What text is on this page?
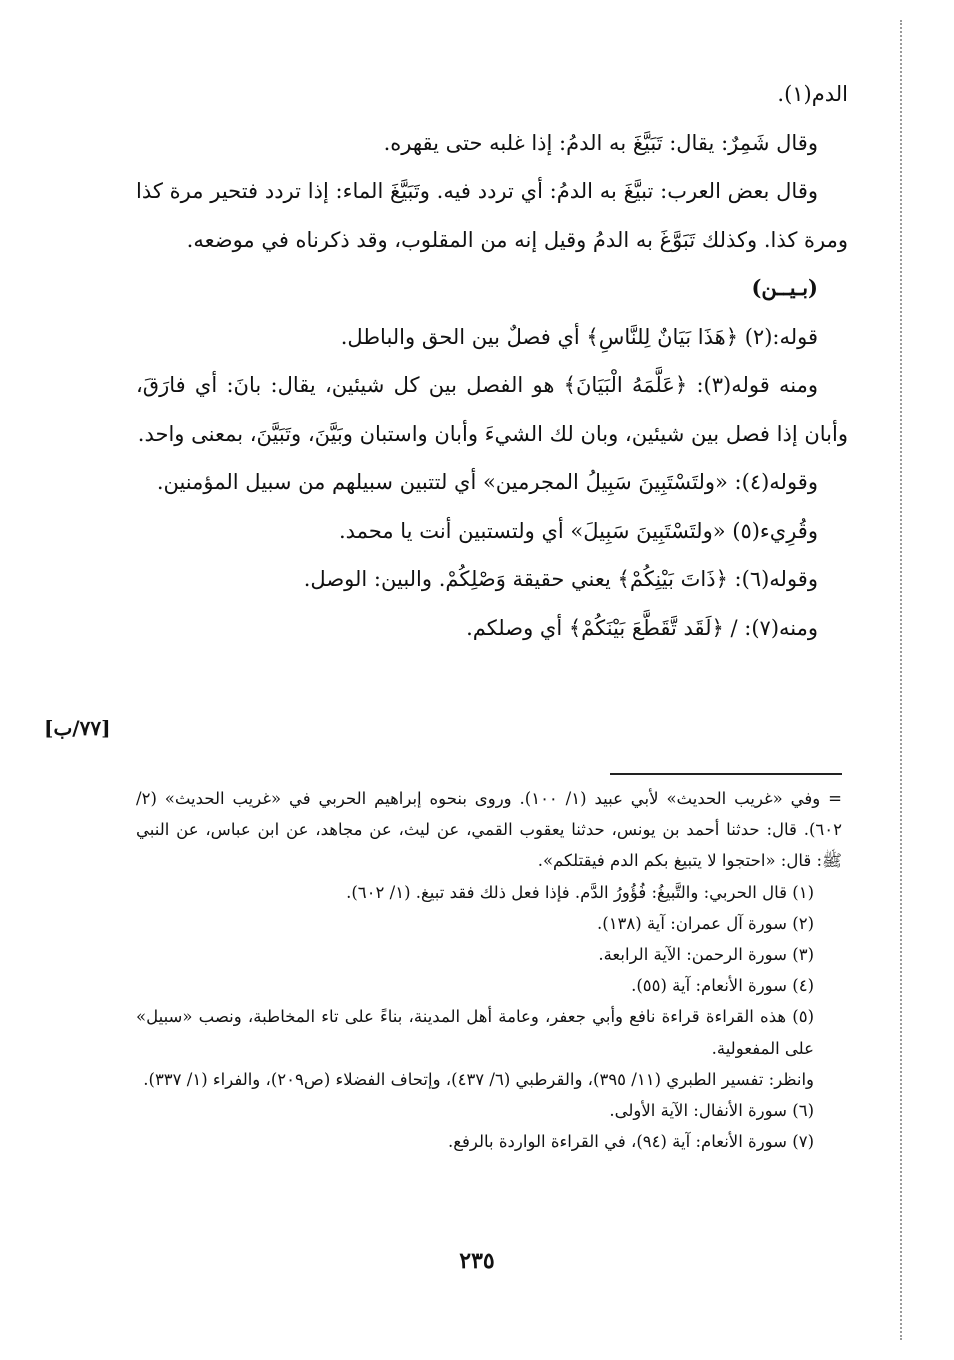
الدم(١).

وقال شَمِرٌ: يقال: تَبَيَّغَ به الدمُ: إذا غلبه حتى يقهره.

وقال بعض العرب: تبيَّغَ به الدمُ: أي تردد فيه. وتَبَيَّغَ الماء: إذا تردد فتحير مرة كذا ومرة كذا. وكذلك تَبَوَّغَ به الدمُ وقيل إنه من المقلوب، وقد ذكرناه في موضعه.

(بـيــن)

قوله:(٢) ﴿هَذَا بَيَانٌ لِلنَّاسِ﴾ أي فصلٌ بين الحق والباطل.

ومنه قوله(٣): ﴿عَلَّمَهُ الْبَيَانَ﴾ هو الفصل بين كل شيئين، يقال: بانَ: أي فارَقَ، وأبان إذا فصل بين شيئين، وبان لك الشيءَ وأبان واستبان وبَيَّنَ، وتَبَيَّنَ، بمعنى واحد.

وقوله(٤): «ولتَسْتَبِينَ سَبِيلُ المجرمين» أي لتتبين سبيلهم من سبيل المؤمنين.

وقُرِيء(٥) «ولتَسْتَبِينَ سَبِيلَ» أي ولتستبين أنت يا محمد.

وقوله(٦): ﴿ذَاتَ بَيْنِكُمْ﴾ يعني حقيقة وَصْلِكُمْ. والبين: الوصل.

ومنه(٧): / ﴿لَقَد تَّقَطَّعَ بَيْنَكُمْ﴾ أي وصلكم.

[٧٧/ب]

= وفي «غريب الحديث» لأبي عبيد (١/ ١٠٠). وروى بنحوه إبراهيم الحربي في «غريب الحديث» (٢/ ٦٠٢). قال: حدثنا أحمد بن يونس، حدثنا يعقوب القمي، عن ليث، عن مجاهد، عن ابن عباس، عن النبي ﷺ: قال: «احتجوا لا يتبيغ بكم الدم فيقتلكم».

(١) قال الحربي: والتَّبيغُ: فُؤُورُ الدَّم. فإذا فعل ذلك فقد تبيغ. (١/ ٦٠٢).

(٢) سورة آل عمران: آية (١٣٨).

(٣) سورة الرحمن: الآية الرابعة.

(٤) سورة الأنعام: آية (٥٥).

(٥) هذه القراءة قراءة نافع وأبي جعفر، وعامة أهل المدينة، بناءً على تاء المخاطبة، ونصب «سبيل» على المفعولية.

وانظر: تفسير الطبري (١١/ ٣٩٥)، والقرطبي (٦/ ٤٣٧)، وإتحاف الفضلاء (ص٢٠٩)، والفراء (١/ ٣٣٧).

(٦) سورة الأنفال: الآية الأولى.

(٧) سورة الأنعام: آية (٩٤)، في القراءة الواردة بالرفع.

٢٣٥
